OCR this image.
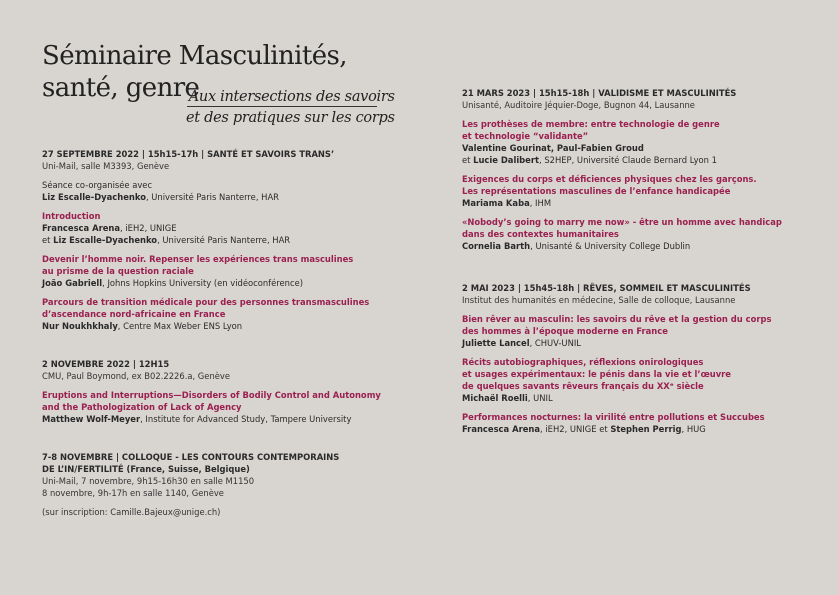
Séminaire Masculinités,
santé, genre
Aux intersections des savoirs
et des pratiques sur les corps
27 SEPTEMBRE 2022 | 15h15-17h | SANTÉ ET SAVOIRS TRANS’
Uni-Mail, salle M3393, Genève
Séance co-organisée avec
Liz Escalle-Dyachenko, Université Paris Nanterre, HAR
Introduction
Francesca Arena, iEH2, UNIGE
et Liz Escalle-Dyachenko, Université Paris Nanterre, HAR
Devenir l’homme noir. Repenser les expériences trans masculines
au prisme de la question raciale
João Gabriell, Johns Hopkins University (en vidéoconférence)
Parcours de transition médicale pour des personnes transmasculines
d’ascendance nord-africaine en France
Nur Noukhkhaly, Centre Max Weber ENS Lyon
2 NOVEMBRE 2022 | 12H15
CMU, Paul Boymond, ex B02.2226.a, Genève
Eruptions and Interruptions—Disorders of Bodily Control and Autonomy
and the Pathologization of Lack of Agency
Matthew Wolf-Meyer, Institute for Advanced Study, Tampere University
7-8 NOVEMBRE | COLLOQUE - LES CONTOURS CONTEMPORAINS
DE L’IN/FERTILITÉ (France, Suisse, Belgique)
Uni-Mail, 7 novembre, 9h15-16h30 en salle M1150
8 novembre, 9h-17h en salle 1140, Genève
(sur inscription: Camille.Bajeux@unige.ch)
21 MARS 2023 | 15h15-18h | VALIDISME ET MASCULINITÉS
Unisanté, Auditoire Jéquier-Doge, Bugnon 44, Lausanne
Les prothèses de membre: entre technologie de genre
et technologie “validante”
Valentine Gourinat, Paul-Fabien Groud
et Lucie Dalibert, S2HEP, Université Claude Bernard Lyon 1
Exigences du corps et déficiences physiques chez les garçons.
Les représentations masculines de l’enfance handicapée
Mariama Kaba, IHM
«Nobody’s going to marry me now» - être un homme avec handicap
dans des contextes humanitaires
Cornelia Barth, Unisanté & University College Dublin
2 MAI 2023 | 15h45-18h | RÊVES, SOMMEIL ET MASCULINITÉS
Institut des humanités en médecine, Salle de colloque, Lausanne
Bien rêver au masculin: les savoirs du rêve et la gestion du corps
des hommes à l’époque moderne en France
Juliette Lancel, CHUV-UNIL
Récits autobiographiques, réflexions onirologiques
et usages expérimentaux: le pénis dans la vie et l’œuvre
de quelques savants rêveurs français du XXᵉ siècle
Michaël Roelli, UNIL
Performances nocturnes: la virilité entre pollutions et Succubes
Francesca Arena, iEH2, UNIGE et Stephen Perrig, HUG
